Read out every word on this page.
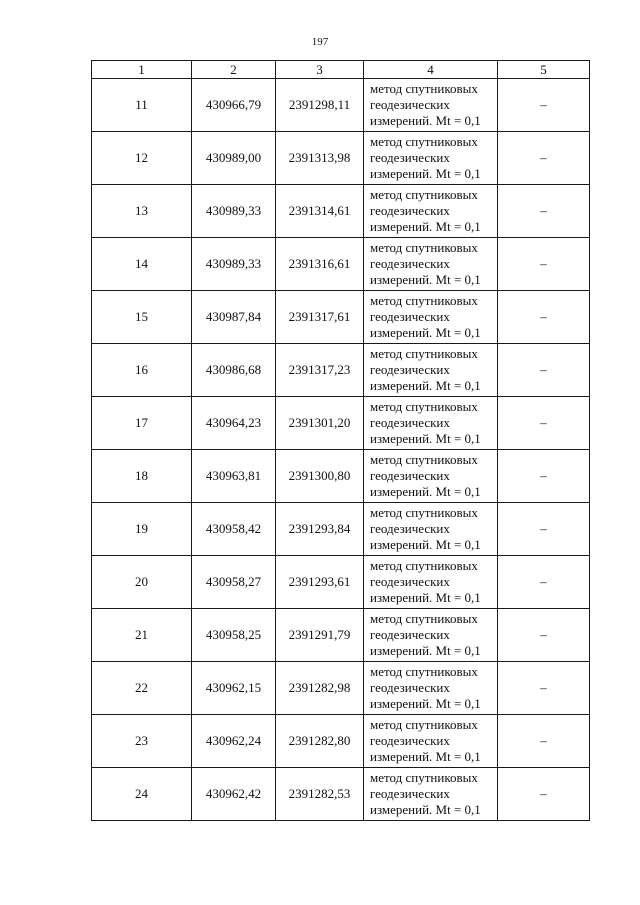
197
1	2	3	4	5
11	430966,79	2391298,11	метод спутниковых
геодезических
измерений. Mt = 0,1	–
12	430989,00	2391313,98	метод спутниковых
геодезических
измерений. Mt = 0,1	–
13	430989,33	2391314,61	метод спутниковых
геодезических
измерений. Mt = 0,1	–
14	430989,33	2391316,61	метод спутниковых
геодезических
измерений. Mt = 0,1	–
15	430987,84	2391317,61	метод спутниковых
геодезических
измерений. Mt = 0,1	–
16	430986,68	2391317,23	метод спутниковых
геодезических
измерений. Mt = 0,1	–
17	430964,23	2391301,20	метод спутниковых
геодезических
измерений. Mt = 0,1	–
18	430963,81	2391300,80	метод спутниковых
геодезических
измерений. Mt = 0,1	–
19	430958,42	2391293,84	метод спутниковых
геодезических
измерений. Mt = 0,1	–
20	430958,27	2391293,61	метод спутниковых
геодезических
измерений. Mt = 0,1	–
21	430958,25	2391291,79	метод спутниковых
геодезических
измерений. Mt = 0,1	–
22	430962,15	2391282,98	метод спутниковых
геодезических
измерений. Mt = 0,1	–
23	430962,24	2391282,80	метод спутниковых
геодезических
измерений. Mt = 0,1	–
24	430962,42	2391282,53	метод спутниковых
геодезических
измерений. Mt = 0,1	–
